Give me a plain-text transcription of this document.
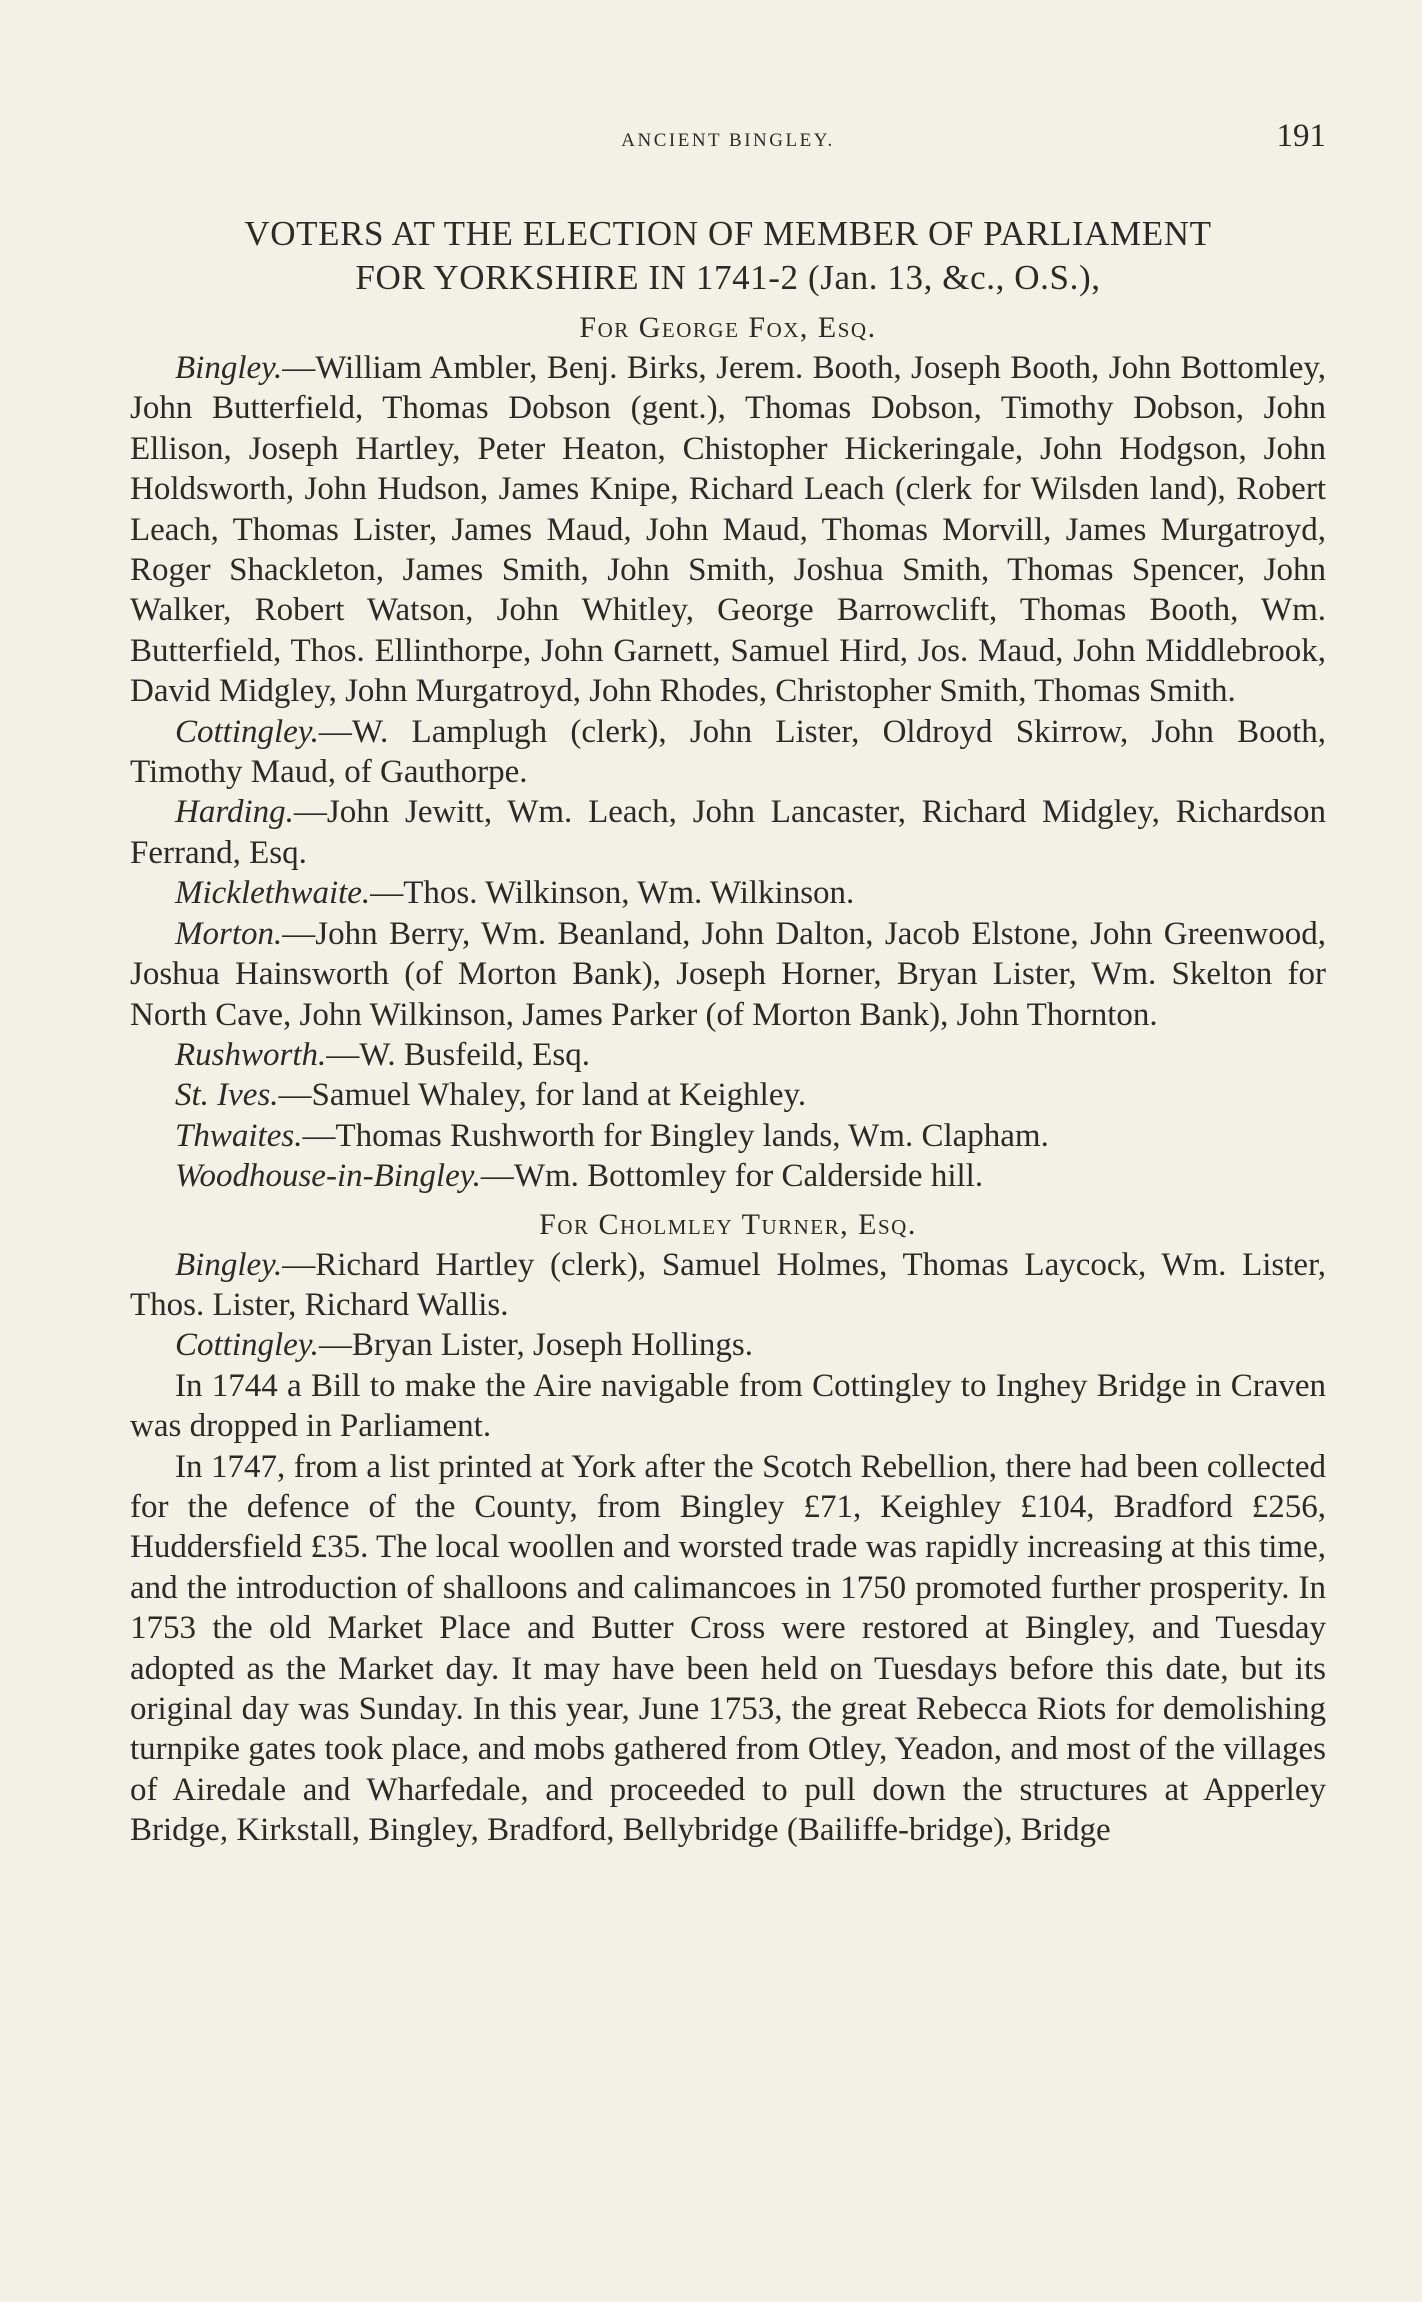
ANCIENT BINGLEY.	191
VOTERS AT THE ELECTION OF MEMBER OF PARLIAMENT
FOR YORKSHIRE IN 1741-2 (Jan. 13, &c., O.S.),
For George Fox, Esq.

Bingley.—William Ambler, Benj. Birks, Jerem. Booth, Joseph Booth, John Bottomley, John Butterfield, Thomas Dobson (gent.), Thomas Dobson, Timothy Dobson, John Ellison, Joseph Hartley, Peter Heaton, Chistopher Hickeringale, John Hodgson, John Holdsworth, John Hudson, James Knipe, Richard Leach (clerk for Wilsden land), Robert Leach, Thomas Lister, James Maud, John Maud, Thomas Morvill, James Murgatroyd, Roger Shackleton, James Smith, John Smith, Joshua Smith, Thomas Spencer, John Walker, Robert Watson, John Whitley, George Barrowclift, Thomas Booth, Wm. Butterfield, Thos. Ellinthorpe, John Garnett, Samuel Hird, Jos. Maud, John Middlebrook, David Midgley, John Murgatroyd, John Rhodes, Christopher Smith, Thomas Smith.

Cottingley.—W. Lamplugh (clerk), John Lister, Oldroyd Skirrow, John Booth, Timothy Maud, of Gauthorpe.

Harding.—John Jewitt, Wm. Leach, John Lancaster, Richard Midgley, Richardson Ferrand, Esq.

Micklethwaite.—Thos. Wilkinson, Wm. Wilkinson.

Morton.—John Berry, Wm. Beanland, John Dalton, Jacob Elstone, John Greenwood, Joshua Hainsworth (of Morton Bank), Joseph Horner, Bryan Lister, Wm. Skelton for North Cave, John Wilkinson, James Parker (of Morton Bank), John Thornton.

Rushworth.—W. Busfeild, Esq.

St. Ives.—Samuel Whaley, for land at Keighley.

Thwaites.—Thomas Rushworth for Bingley lands, Wm. Clapham.

Woodhouse-in-Bingley.—Wm. Bottomley for Calderside hill.

For Cholmley Turner, Esq.

Bingley.—Richard Hartley (clerk), Samuel Holmes, Thomas Laycock, Wm. Lister, Thos. Lister, Richard Wallis.

Cottingley.—Bryan Lister, Joseph Hollings.

In 1744 a Bill to make the Aire navigable from Cottingley to Inghey Bridge in Craven was dropped in Parliament.

In 1747, from a list printed at York after the Scotch Rebellion, there had been collected for the defence of the County, from Bingley £71, Keighley £104, Bradford £256, Huddersfield £35. The local woollen and worsted trade was rapidly increasing at this time, and the introduction of shalloons and calimancoes in 1750 promoted further prosperity. In 1753 the old Market Place and Butter Cross were restored at Bingley, and Tuesday adopted as the Market day. It may have been held on Tuesdays before this date, but its original day was Sunday. In this year, June 1753, the great Rebecca Riots for demolishing turnpike gates took place, and mobs gathered from Otley, Yeadon, and most of the villages of Airedale and Wharfedale, and proceeded to pull down the structures at Apperley Bridge, Kirkstall, Bingley, Bradford, Bellybridge (Bailiffe-bridge), Bridge
